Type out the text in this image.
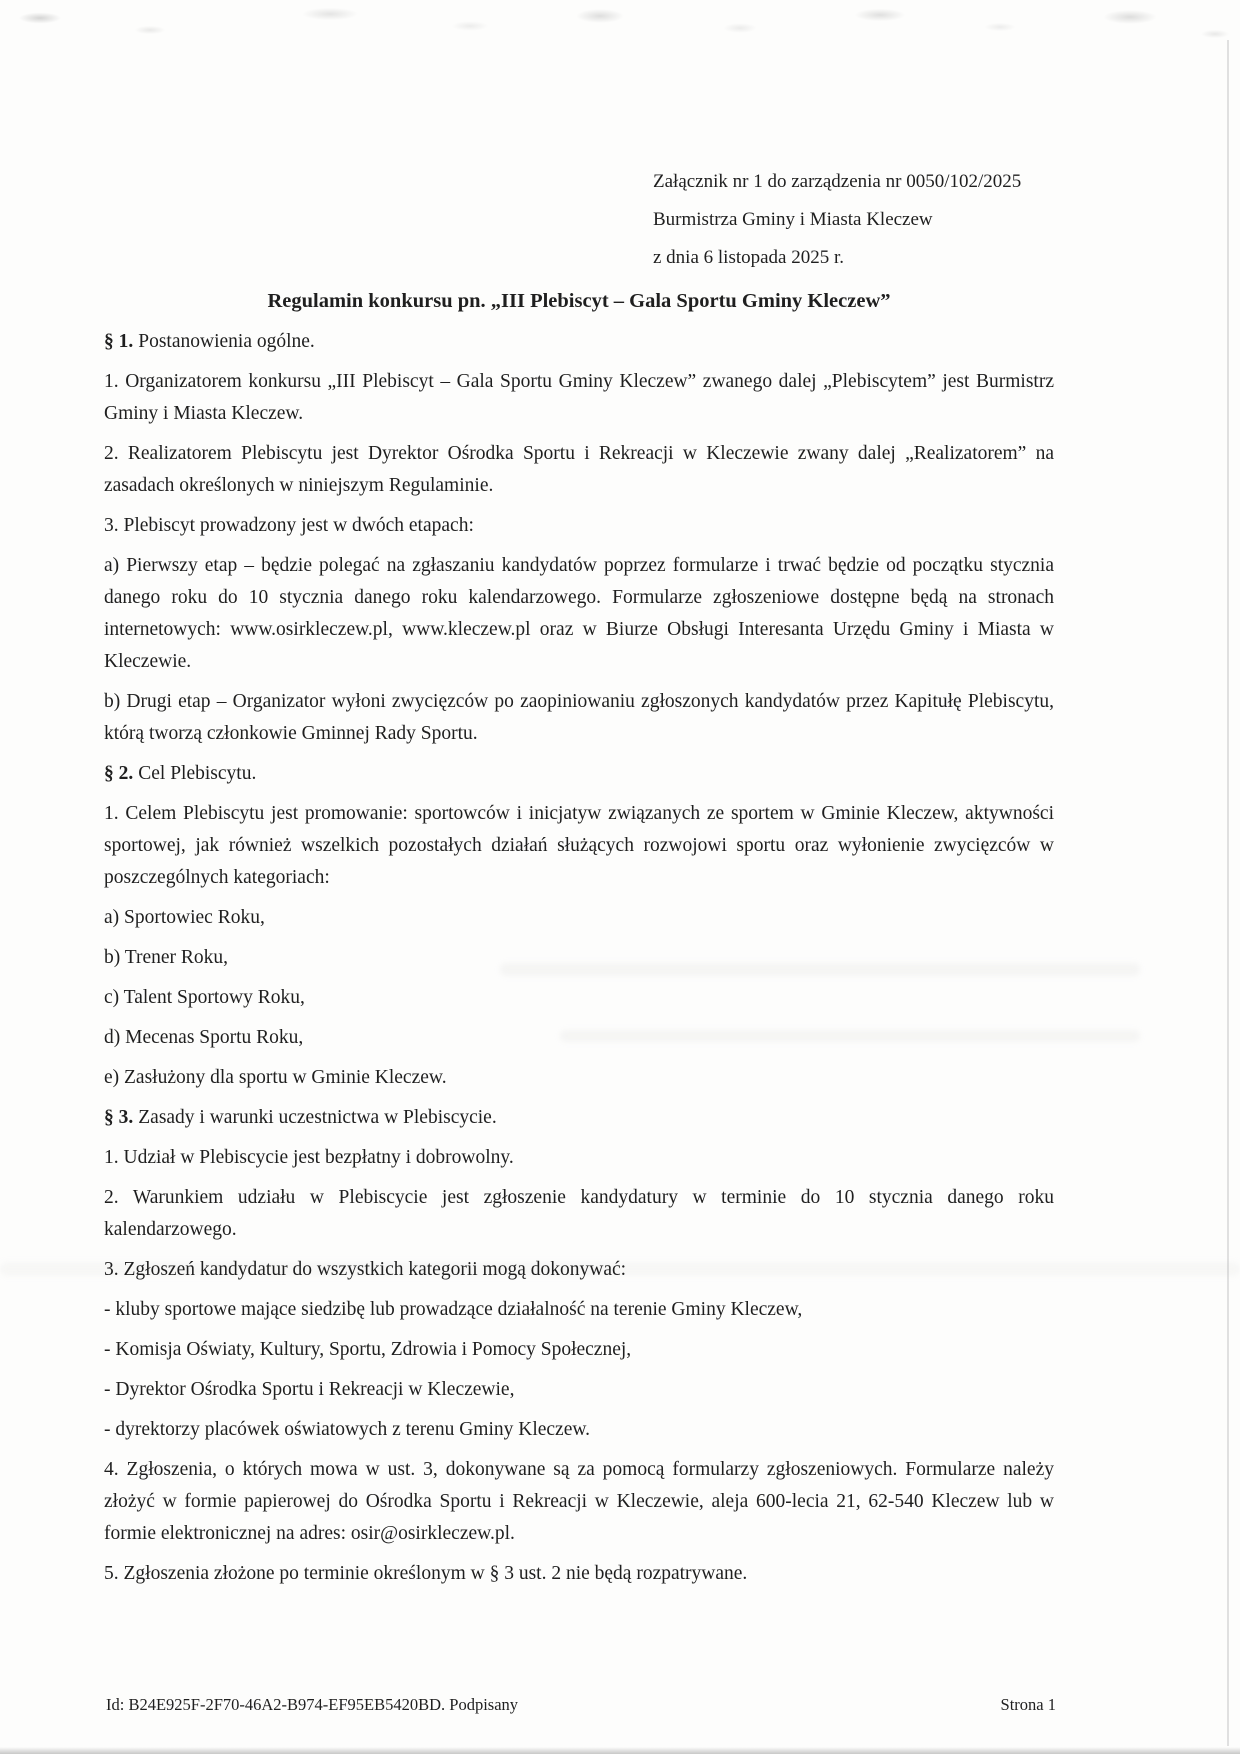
Załącznik nr 1 do zarządzenia nr 0050/102/2025
Burmistrza Gminy i Miasta Kleczew
z dnia 6 listopada 2025 r.
Regulamin konkursu pn. „III Plebiscyt – Gala Sportu Gminy Kleczew”

§ 1. Postanowienia ogólne.

1. Organizatorem konkursu „III Plebiscyt – Gala Sportu Gminy Kleczew” zwanego dalej „Plebiscytem” jest Burmistrz Gminy i Miasta Kleczew.

2. Realizatorem Plebiscytu jest Dyrektor Ośrodka Sportu i Rekreacji w Kleczewie zwany dalej „Realizatorem” na zasadach określonych w niniejszym Regulaminie.

3. Plebiscyt prowadzony jest w dwóch etapach:

a) Pierwszy etap – będzie polegać na zgłaszaniu kandydatów poprzez formularze i trwać będzie od początku stycznia danego roku do 10 stycznia danego roku kalendarzowego. Formularze zgłoszeniowe dostępne będą na stronach internetowych: www.osirkleczew.pl, www.kleczew.pl oraz w Biurze Obsługi Interesanta Urzędu Gminy i Miasta w Kleczewie.

b) Drugi etap – Organizator wyłoni zwycięzców po zaopiniowaniu zgłoszonych kandydatów przez Kapitułę Plebiscytu, którą tworzą członkowie Gminnej Rady Sportu.

§ 2. Cel Plebiscytu.

1. Celem Plebiscytu jest promowanie: sportowców i inicjatyw związanych ze sportem w Gminie Kleczew, aktywności sportowej, jak również wszelkich pozostałych działań służących rozwojowi sportu oraz wyłonienie zwycięzców w poszczególnych kategoriach:

a) Sportowiec Roku,

b) Trener Roku,

c) Talent Sportowy Roku,

d) Mecenas Sportu Roku,

e) Zasłużony dla sportu w Gminie Kleczew.

§ 3. Zasady i warunki uczestnictwa w Plebiscycie.

1. Udział w Plebiscycie jest bezpłatny i dobrowolny.

2. Warunkiem udziału w Plebiscycie jest zgłoszenie kandydatury w terminie do 10 stycznia danego roku kalendarzowego.

3. Zgłoszeń kandydatur do wszystkich kategorii mogą dokonywać:

- kluby sportowe mające siedzibę lub prowadzące działalność na terenie Gminy Kleczew,

- Komisja Oświaty, Kultury, Sportu, Zdrowia i Pomocy Społecznej,

- Dyrektor Ośrodka Sportu i Rekreacji w Kleczewie,

- dyrektorzy placówek oświatowych z terenu Gminy Kleczew.

4. Zgłoszenia, o których mowa w ust. 3, dokonywane są za pomocą formularzy zgłoszeniowych. Formularze należy złożyć w formie papierowej do Ośrodka Sportu i Rekreacji w Kleczewie, aleja 600-lecia 21, 62-540 Kleczew lub w formie elektronicznej na adres: osir@osirkleczew.pl.

5. Zgłoszenia złożone po terminie określonym w § 3 ust. 2 nie będą rozpatrywane.

Id: B24E925F-2F70-46A2-B974-EF95EB5420BD. Podpisany	Strona 1
